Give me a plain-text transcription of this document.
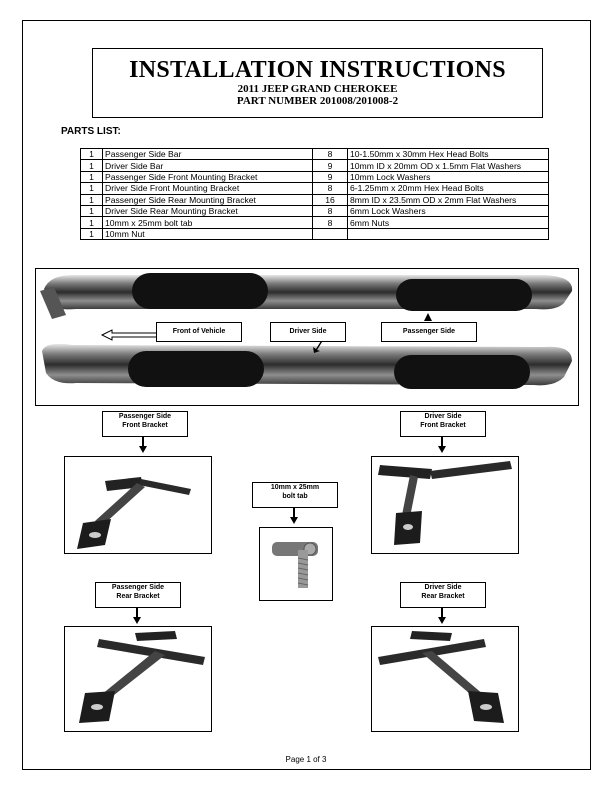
INSTALLATION INSTRUCTIONS
2011 JEEP GRAND CHEROKEE
PART NUMBER 201008/201008-2
PARTS LIST:
1	Passenger Side Bar	8	10-1.50mm x 30mm Hex Head Bolts
1	Driver Side Bar	9	10mm ID x 20mm OD x 1.5mm Flat Washers
1	Passenger Side Front Mounting Bracket	9	10mm Lock Washers
1	Driver Side Front Mounting Bracket	8	6-1.25mm x 20mm Hex Head Bolts
1	Passenger Side Rear Mounting Bracket	16	8mm ID x 23.5mm OD x 2mm Flat Washers
1	Driver Side Rear Mounting Bracket	8	6mm Lock Washers
1	10mm x 25mm bolt tab	8	6mm Nuts
1	10mm Nut		
Front of Vehicle	Driver Side	Passenger Side
Passenger Side
Front Bracket
Driver Side
Front Bracket
10mm x 25mm
bolt tab
Passenger Side
Rear Bracket
Driver Side
Rear Bracket
Page 1 of 3
